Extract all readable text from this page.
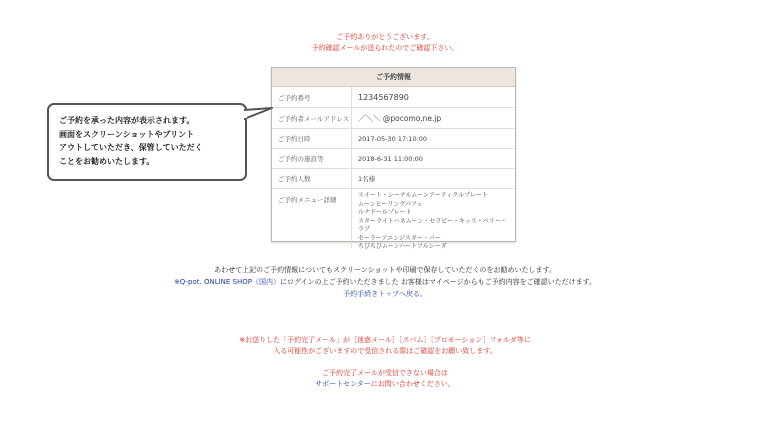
ご予約ありがとうございます。
予約確認メールが送られたのでご確認下さい。
ご予約情報
ご予約番号	1234567890
ご予約者メールアドレス	／＼＼ @pocomo.ne.jp
ご予約日時	2017-05-30 17:10:00
ご予約の施設等	2018-6-31 11:00:00
ご予約人数	1名様
ご予約メニュー詳細
スイート・シーナルムーンアーティクルプレート
ムーンヒーリングパフェ
ルナドールプレート
スターライトハネムーン・セラピー・キッス・ベリー・ラブ
セーラーアエンジスター・パー
ちびちびムーンハートフルシーダ
ご予約を承った内容が表示されます。
画面をスクリーンショットやプリント
アウトしていただき、保管していただく
ことをお勧めいたします。
あわせて上記のご予約情報についてもスクリーンショットや印刷で保存していただくのをお勧めいたします。
※Q-pot. ONLINE SHOP（国内）にログインの上ご予約いただきました お客様はマイページからもご予約内容をご確認いただけます。
予約手続きトップへ戻る。
※お送りした「予約完了メール」が［迷惑メール］［スパム］［プロモーション］フォルダ等に
入る可能性がございますので受信される際はご確認をお願い致します。
ご予約完了メールが受信できない場合は
サポートセンターにお問い合わせください。
